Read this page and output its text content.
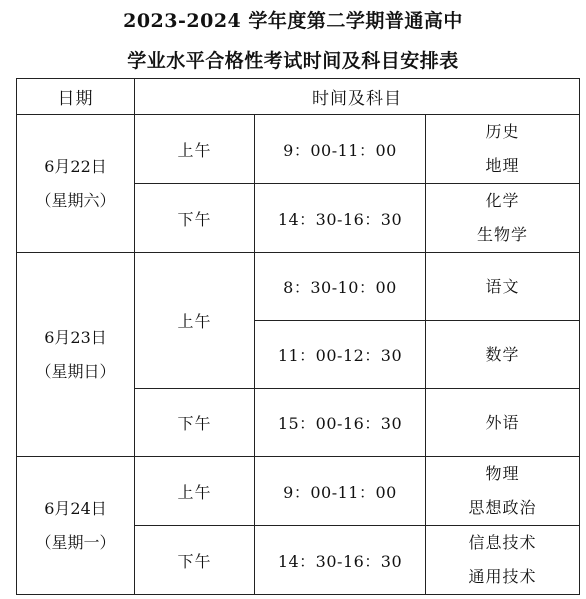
2023-2024 学年度第二学期普通高中
学业水平合格性考试时间及科目安排表
日期	时间及科目		

6月22日
（星期六）	上午	9：00-11：00	历史
地理

	下午	14：30-16：30	化学
生物学

6月23日
（星期日）	上午	8：30-10：00	语文

		11：00-12：30	数学

	下午	15：00-16：30	外语

6月24日
（星期一）	上午	9：00-11：00	物理
思想政治

	下午	14：30-16：30	信息技术
通用技术
